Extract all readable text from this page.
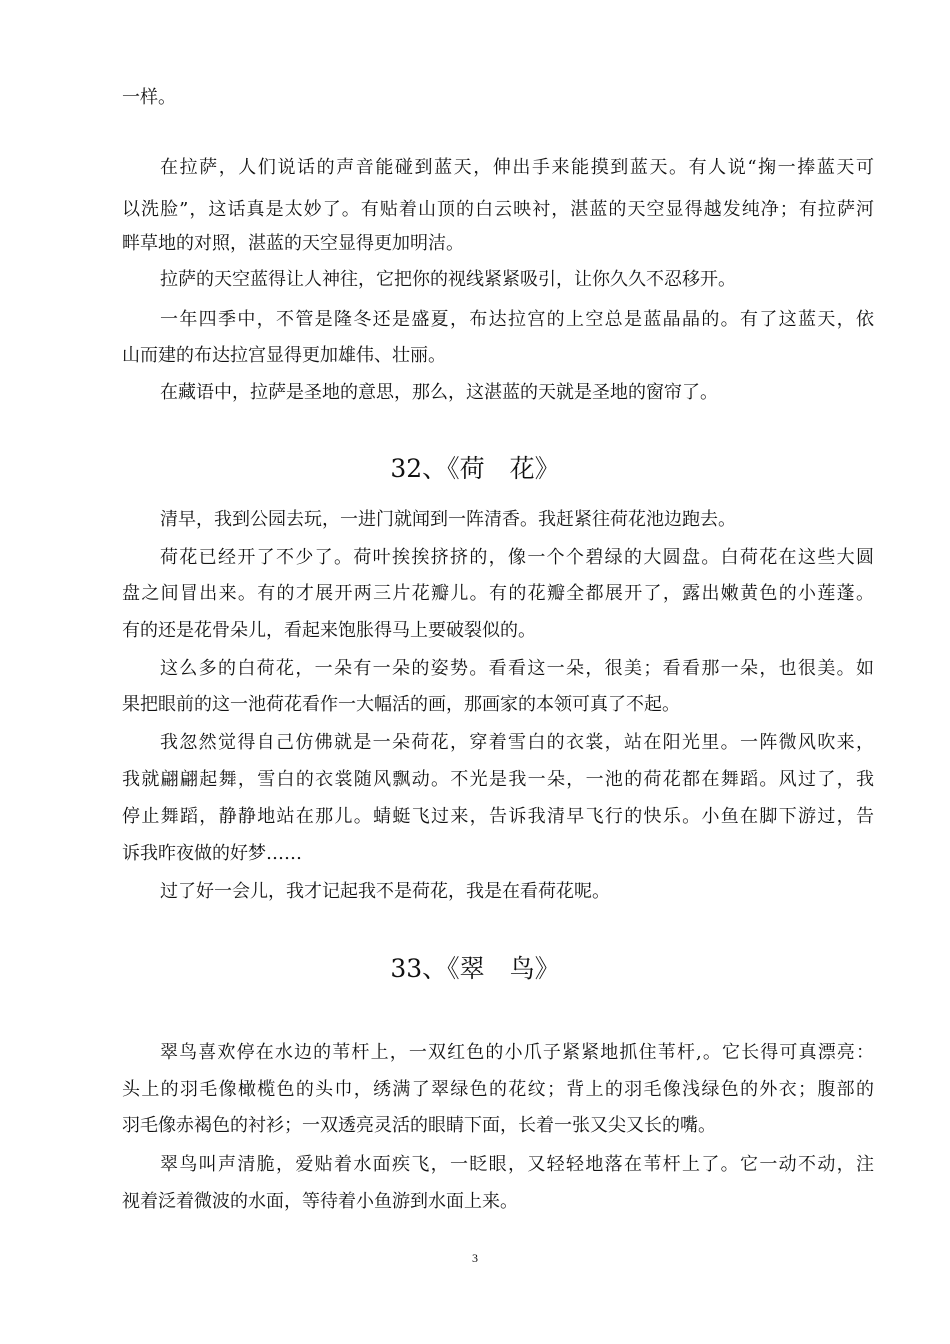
一样。
在拉萨，人们说话的声音能碰到蓝天，伸出手来能摸到蓝天。有人说“掬一捧蓝天可
以洗脸”，这话真是太妙了。有贴着山顶的白云映衬，湛蓝的天空显得越发纯净；有拉萨河
畔草地的对照，湛蓝的天空显得更加明洁。
拉萨的天空蓝得让人神往，它把你的视线紧紧吸引，让你久久不忍移开。
一年四季中，不管是隆冬还是盛夏，布达拉宫的上空总是蓝晶晶的。有了这蓝天，依
山而建的布达拉宫显得更加雄伟、壮丽。
在藏语中，拉萨是圣地的意思，那么，这湛蓝的天就是圣地的窗帘了。
32、《荷　花》
清早，我到公园去玩，一进门就闻到一阵清香。我赶紧往荷花池边跑去。
荷花已经开了不少了。荷叶挨挨挤挤的，像一个个碧绿的大圆盘。白荷花在这些大圆
盘之间冒出来。有的才展开两三片花瓣儿。有的花瓣全都展开了，露出嫩黄色的小莲蓬。
有的还是花骨朵儿，看起来饱胀得马上要破裂似的。
这么多的白荷花，一朵有一朵的姿势。看看这一朵，很美；看看那一朵，也很美。如
果把眼前的这一池荷花看作一大幅活的画，那画家的本领可真了不起。
我忽然觉得自己仿佛就是一朵荷花，穿着雪白的衣裳，站在阳光里。一阵微风吹来，
我就翩翩起舞，雪白的衣裳随风飘动。不光是我一朵，一池的荷花都在舞蹈。风过了，我
停止舞蹈，静静地站在那儿。蜻蜓飞过来，告诉我清早飞行的快乐。小鱼在脚下游过，告
诉我昨夜做的好梦……
过了好一会儿，我才记起我不是荷花，我是在看荷花呢。
33、《翠　鸟》
翠鸟喜欢停在水边的苇杆上，一双红色的小爪子紧紧地抓住苇杆,。它长得可真漂亮：
头上的羽毛像橄榄色的头巾，绣满了翠绿色的花纹；背上的羽毛像浅绿色的外衣；腹部的
羽毛像赤褐色的衬衫；一双透亮灵活的眼睛下面，长着一张又尖又长的嘴。
翠鸟叫声清脆，爱贴着水面疾飞，一眨眼，又轻轻地落在苇杆上了。它一动不动，注
视着泛着微波的水面，等待着小鱼游到水面上来。
3
